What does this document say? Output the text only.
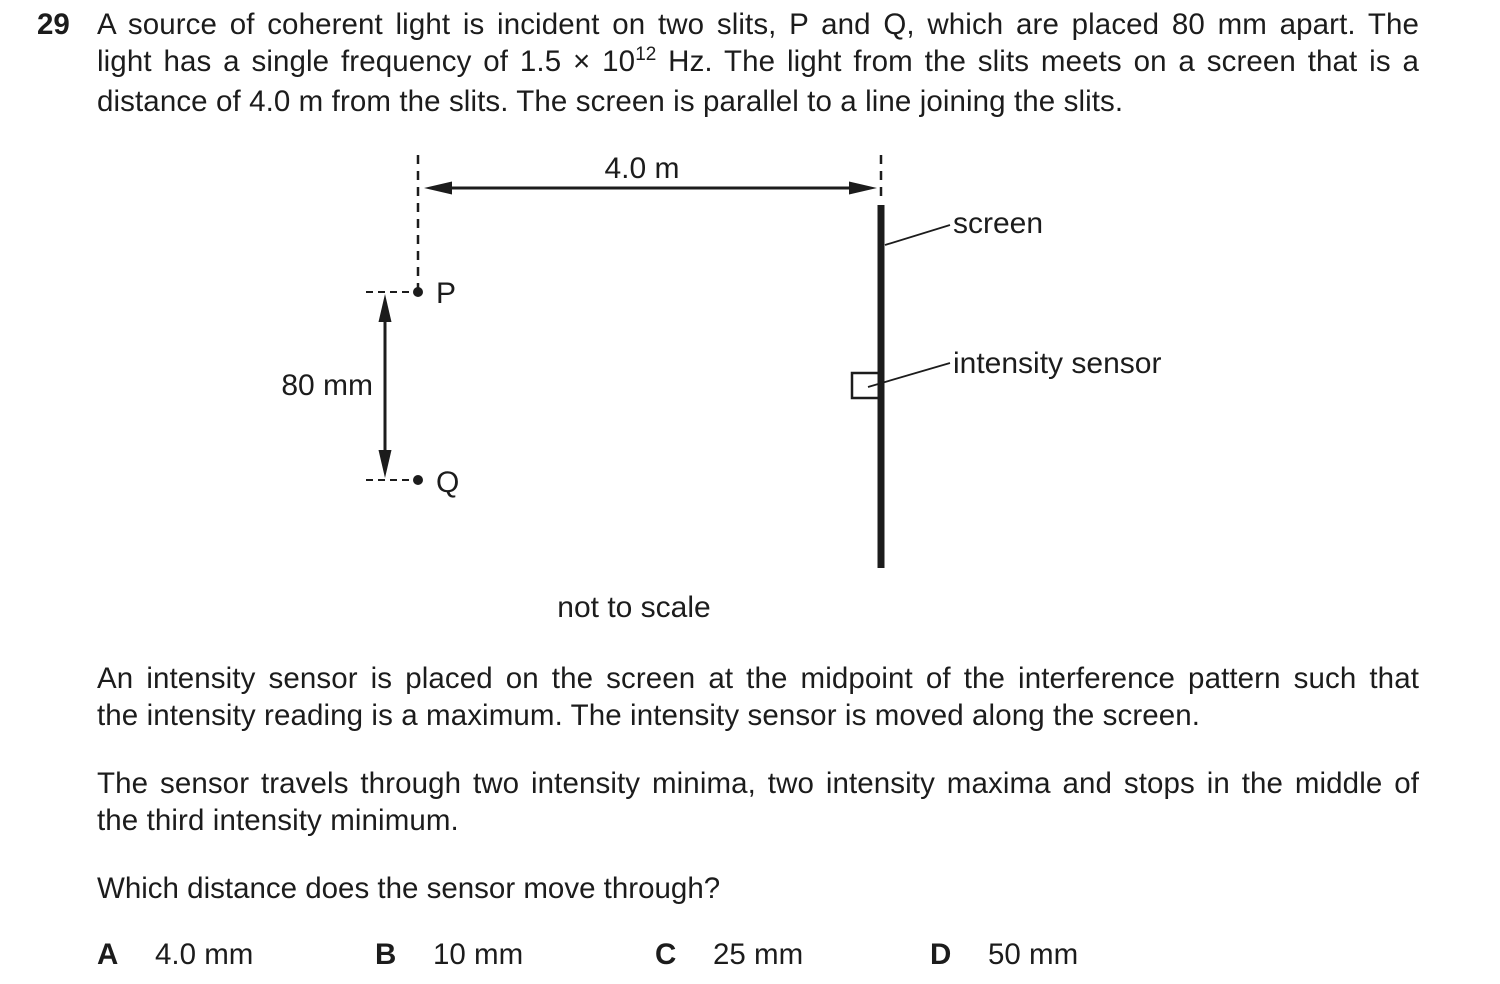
29 A source of coherent light is incident on two slits, P and Q, which are placed 80 mm apart. The
light has a single frequency of $1.5 \times 10^{12}$ Hz. The light from the slits meets on a screen that is a
distance of 4.0 m from the slits. The screen is parallel to a line joining the slits.
4.0 m
P
Q
80 mm
screen
intensity sensor
not to scale
An intensity sensor is placed on the screen at the midpoint of the interference pattern such that
the intensity reading is a maximum. The intensity sensor is moved along the screen.
The sensor travels through two intensity minima, two intensity maxima and stops in the middle of
the third intensity minimum.
Which distance does the sensor move through?
A 4.0 mm	B 10 mm	C 25 mm	D 50 mm
